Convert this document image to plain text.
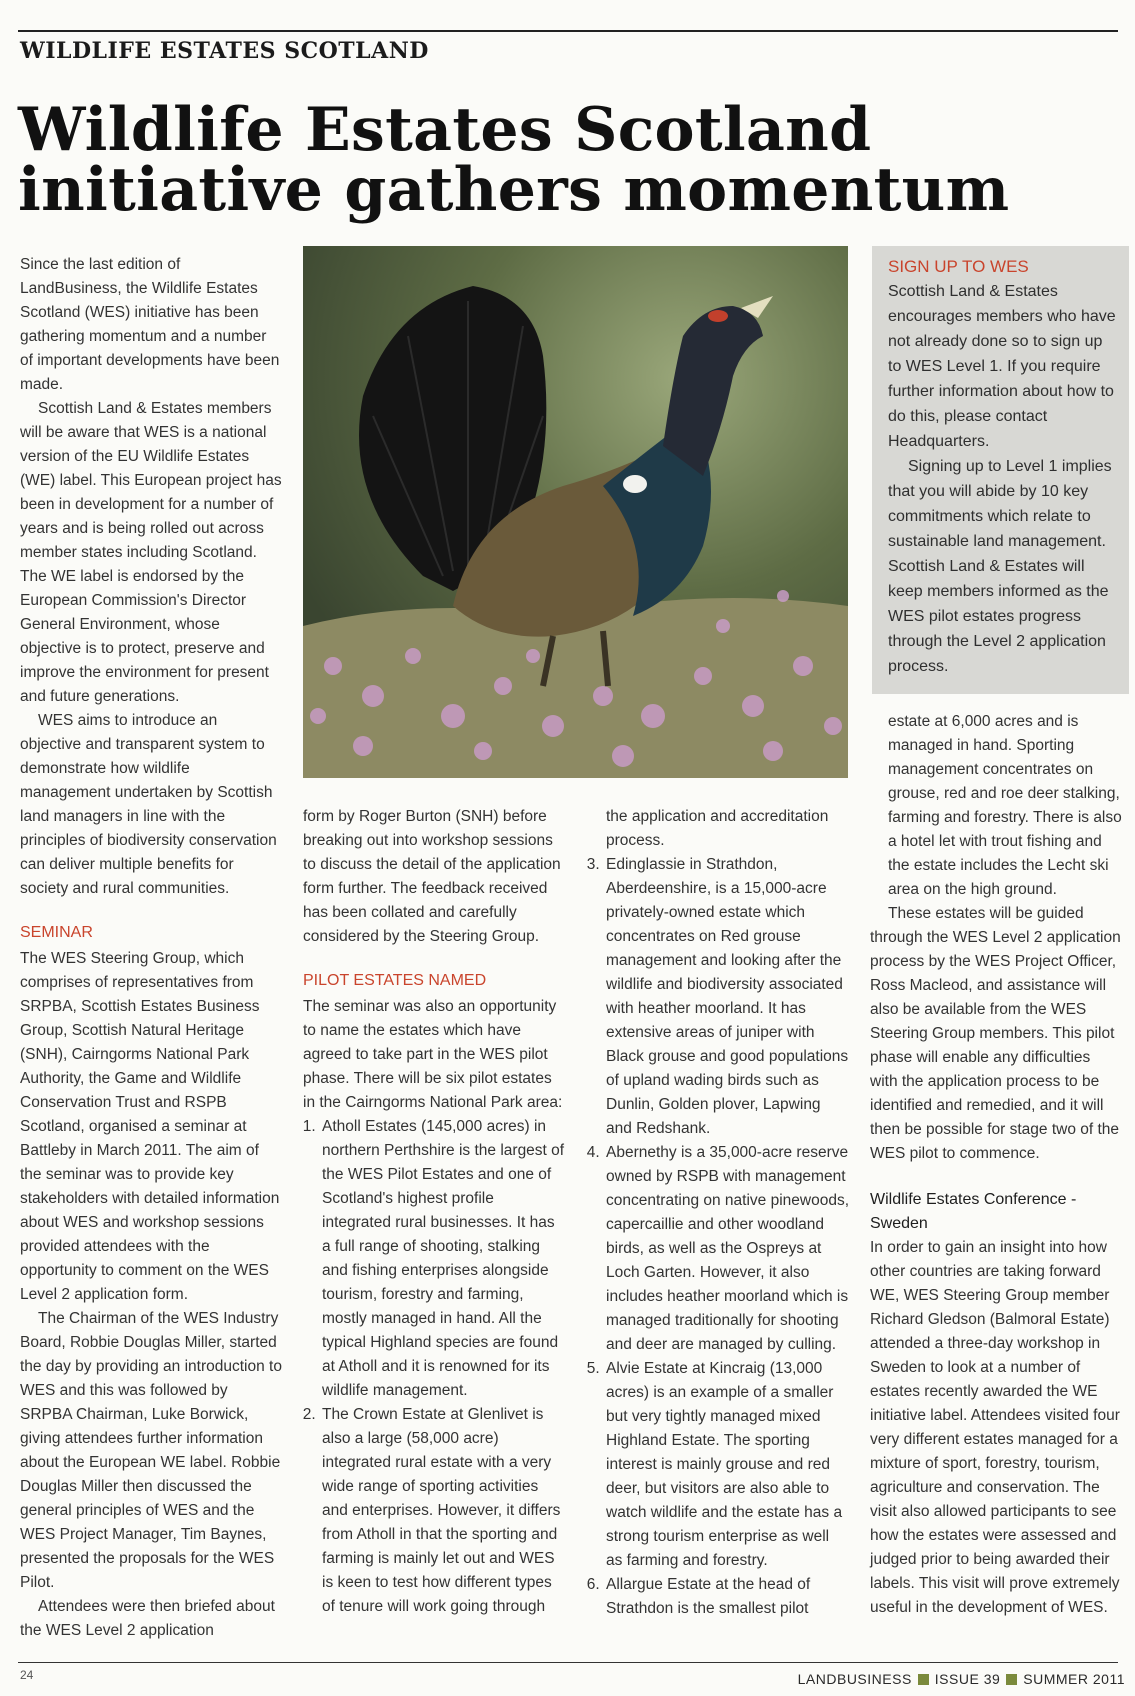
WILDLIFE ESTATES SCOTLAND
Wildlife Estates Scotland initiative gathers momentum

Since the last edition of LandBusiness, the Wildlife Estates Scotland (WES) initiative has been gathering momentum and a number of important developments have been made.

Scottish Land & Estates members will be aware that WES is a national version of the EU Wildlife Estates (WE) label. This European project has been in development for a number of years and is being rolled out across member states including Scotland. The WE label is endorsed by the European Commission's Director General Environment, whose objective is to protect, preserve and improve the environment for present and future generations.

WES aims to introduce an objective and transparent system to demonstrate how wildlife management undertaken by Scottish land managers in line with the principles of biodiversity conservation can deliver multiple benefits for society and rural communities.

SEMINAR

The WES Steering Group, which comprises of representatives from SRPBA, Scottish Estates Business Group, Scottish Natural Heritage (SNH), Cairngorms National Park Authority, the Game and Wildlife Conservation Trust and RSPB Scotland, organised a seminar at Battleby in March 2011. The aim of the seminar was to provide key stakeholders with detailed information about WES and workshop sessions provided attendees with the opportunity to comment on the WES Level 2 application form.

The Chairman of the WES Industry Board, Robbie Douglas Miller, started the day by providing an introduction to WES and this was followed by SRPBA Chairman, Luke Borwick, giving attendees further information about the European WE label. Robbie Douglas Miller then discussed the general principles of WES and the WES Project Manager, Tim Baynes, presented the proposals for the WES Pilot.

Attendees were then briefed about the WES Level 2 application

form by Roger Burton (SNH) before breaking out into workshop sessions to discuss the detail of the application form further. The feedback received has been collated and carefully considered by the Steering Group.

PILOT ESTATES NAMED

The seminar was also an opportunity to name the estates which have agreed to take part in the WES pilot phase. There will be six pilot estates in the Cairngorms National Park area:

1. Atholl Estates (145,000 acres) in northern Perthshire is the largest of the WES Pilot Estates and one of Scotland's highest profile integrated rural businesses. It has a full range of shooting, stalking and fishing enterprises alongside tourism, forestry and farming, mostly managed in hand. All the typical Highland species are found at Atholl and it is renowned for its wildlife management.
2. The Crown Estate at Glenlivet is also a large (58,000 acre) integrated rural estate with a very wide range of sporting activities and enterprises. However, it differs from Atholl in that the sporting and farming is mainly let out and WES is keen to test how different types of tenure will work going through

the application and accreditation process.

3. Edinglassie in Strathdon, Aberdeenshire, is a 15,000-acre privately-owned estate which concentrates on Red grouse management and looking after the wildlife and biodiversity associated with heather moorland. It has extensive areas of juniper with Black grouse and good populations of upland wading birds such as Dunlin, Golden plover, Lapwing and Redshank.
4. Abernethy is a 35,000-acre reserve owned by RSPB with management concentrating on native pinewoods, capercaillie and other woodland birds, as well as the Ospreys at Loch Garten. However, it also includes heather moorland which is managed traditionally for shooting and deer are managed by culling.
5. Alvie Estate at Kincraig (13,000 acres) is an example of a smaller but very tightly managed mixed Highland Estate. The sporting interest is mainly grouse and red deer, but visitors are also able to watch wildlife and the estate has a strong tourism enterprise as well as farming and forestry.
6. Allargue Estate at the head of Strathdon is the smallest pilot
SIGN UP TO WES

Scottish Land & Estates encourages members who have not already done so to sign up to WES Level 1. If you require further information about how to do this, please contact Headquarters.

Signing up to Level 1 implies that you will abide by 10 key commitments which relate to sustainable land management. Scottish Land & Estates will keep members informed as the WES pilot estates progress through the Level 2 application process.

estate at 6,000 acres and is managed in hand. Sporting management concentrates on grouse, red and roe deer stalking, farming and forestry. There is also a hotel let with trout fishing and the estate includes the Lecht ski area on the high ground.

These estates will be guided through the WES Level 2 application process by the WES Project Officer, Ross Macleod, and assistance will also be available from the WES Steering Group members. This pilot phase will enable any difficulties with the application process to be identified and remedied, and it will then be possible for stage two of the WES pilot to commence.

Wildlife Estates Conference - Sweden

In order to gain an insight into how other countries are taking forward WE, WES Steering Group member Richard Gledson (Balmoral Estate) attended a three-day workshop in Sweden to look at a number of estates recently awarded the WE initiative label. Attendees visited four very different estates managed for a mixture of sport, forestry, tourism, agriculture and conservation. The visit also allowed participants to see how the estates were assessed and judged prior to being awarded their labels. This visit will prove extremely useful in the development of WES.

24	LANDBUSINESS ISSUE 39 SUMMER 2011
